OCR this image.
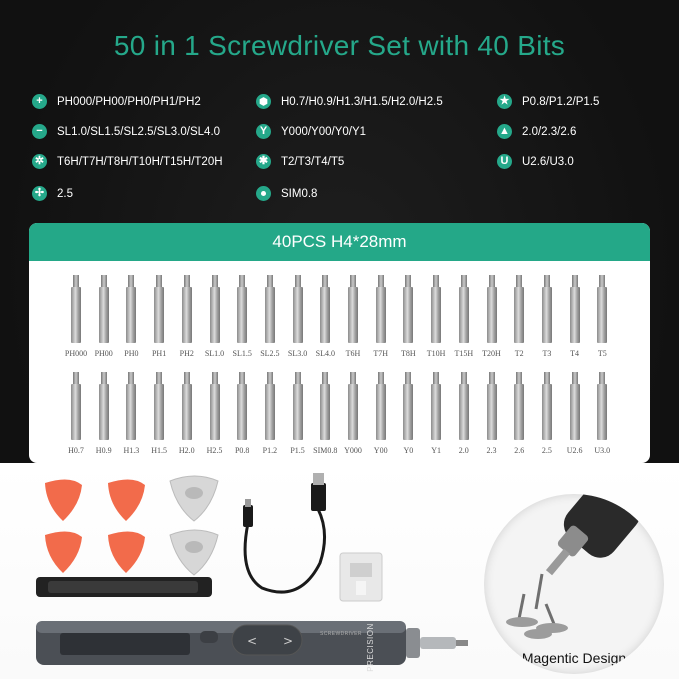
50 in 1 Screwdriver Set with 40 Bits
+	PH000/PH00/PH0/PH1/PH2	H0.7/H0.9/H1.3/H1.5/H2.0/H2.5	★ P0.8/P1.2/P1.5
−	SL1.0/SL1.5/SL2.5/SL3.0/SL4.0	Y	Y000/Y00/Y0/Y1	▲ 2.0/2.3/2.6
✲ T6H/T7H/T8H/T10H/T15H/T20H	✱ T2/T3/T4/T5	U	U2.6/U3.0
✢ 2.5	SIM0.8
40PCS H4*28mm
PH000 PH00	PH0	PH1	PH2	SL1.0	SL1.5	SL2.5	SL3.0	SL4.0	T6H	T7H	T8H	T10H	T15H	T20H	T2	T3	T4	T5
H0.7	H0.9	H1.3	H1.5	H2.0	H2.5	P0.8	P1.2	P1.5	SIM0.8 Y000	Y00	Y0	Y1	2.0	2.3	2.6	2.5	U2.6	U3.0
< >	PRECISION
SCREWDRIVER
Magentic Design
